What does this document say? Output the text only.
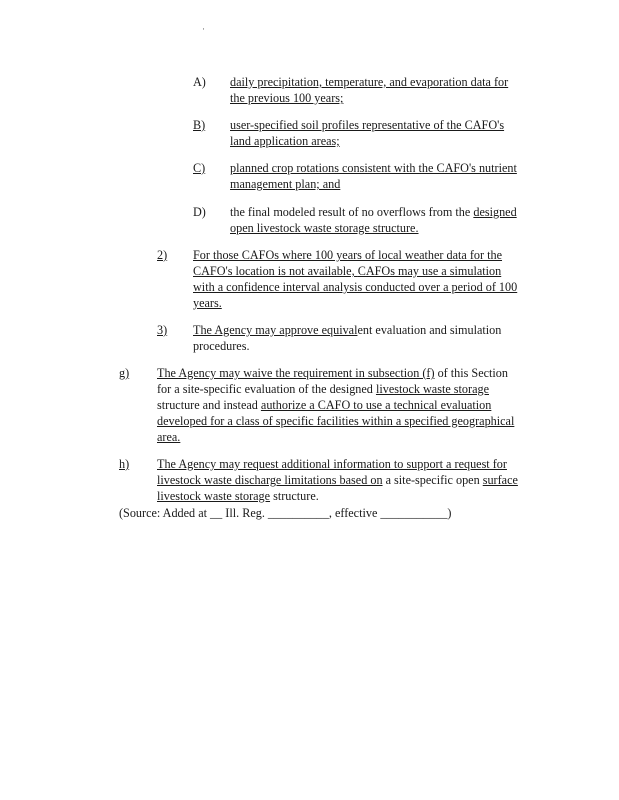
·
A) daily precipitation, temperature, and evaporation data for
the previous 100 years;
B) user-specified soil profiles representative of the CAFO's
land application areas;
C) planned crop rotations consistent with the CAFO's nutrient
management plan; and
D) the final modeled result of no overflows from the designed
open livestock waste storage structure.
2) For those CAFOs where 100 years of local weather data for the
CAFO's location is not available, CAFOs may use a simulation
with a confidence interval analysis conducted over a period of 100
years.
3) The Agency may approve equivalent evaluation and simulation
procedures.
g) The Agency may waive the requirement in subsection (f) of this Section
for a site-specific evaluation of the designed livestock waste storage
structure and instead authorize a CAFO to use a technical evaluation
developed for a class of specific facilities within a specified geographical
area.
h) The Agency may request additional information to support a request for
livestock waste discharge limitations based on a site-specific open surface
livestock waste storage structure.
(Source: Added at __ Ill. Reg. __________, effective ___________)
